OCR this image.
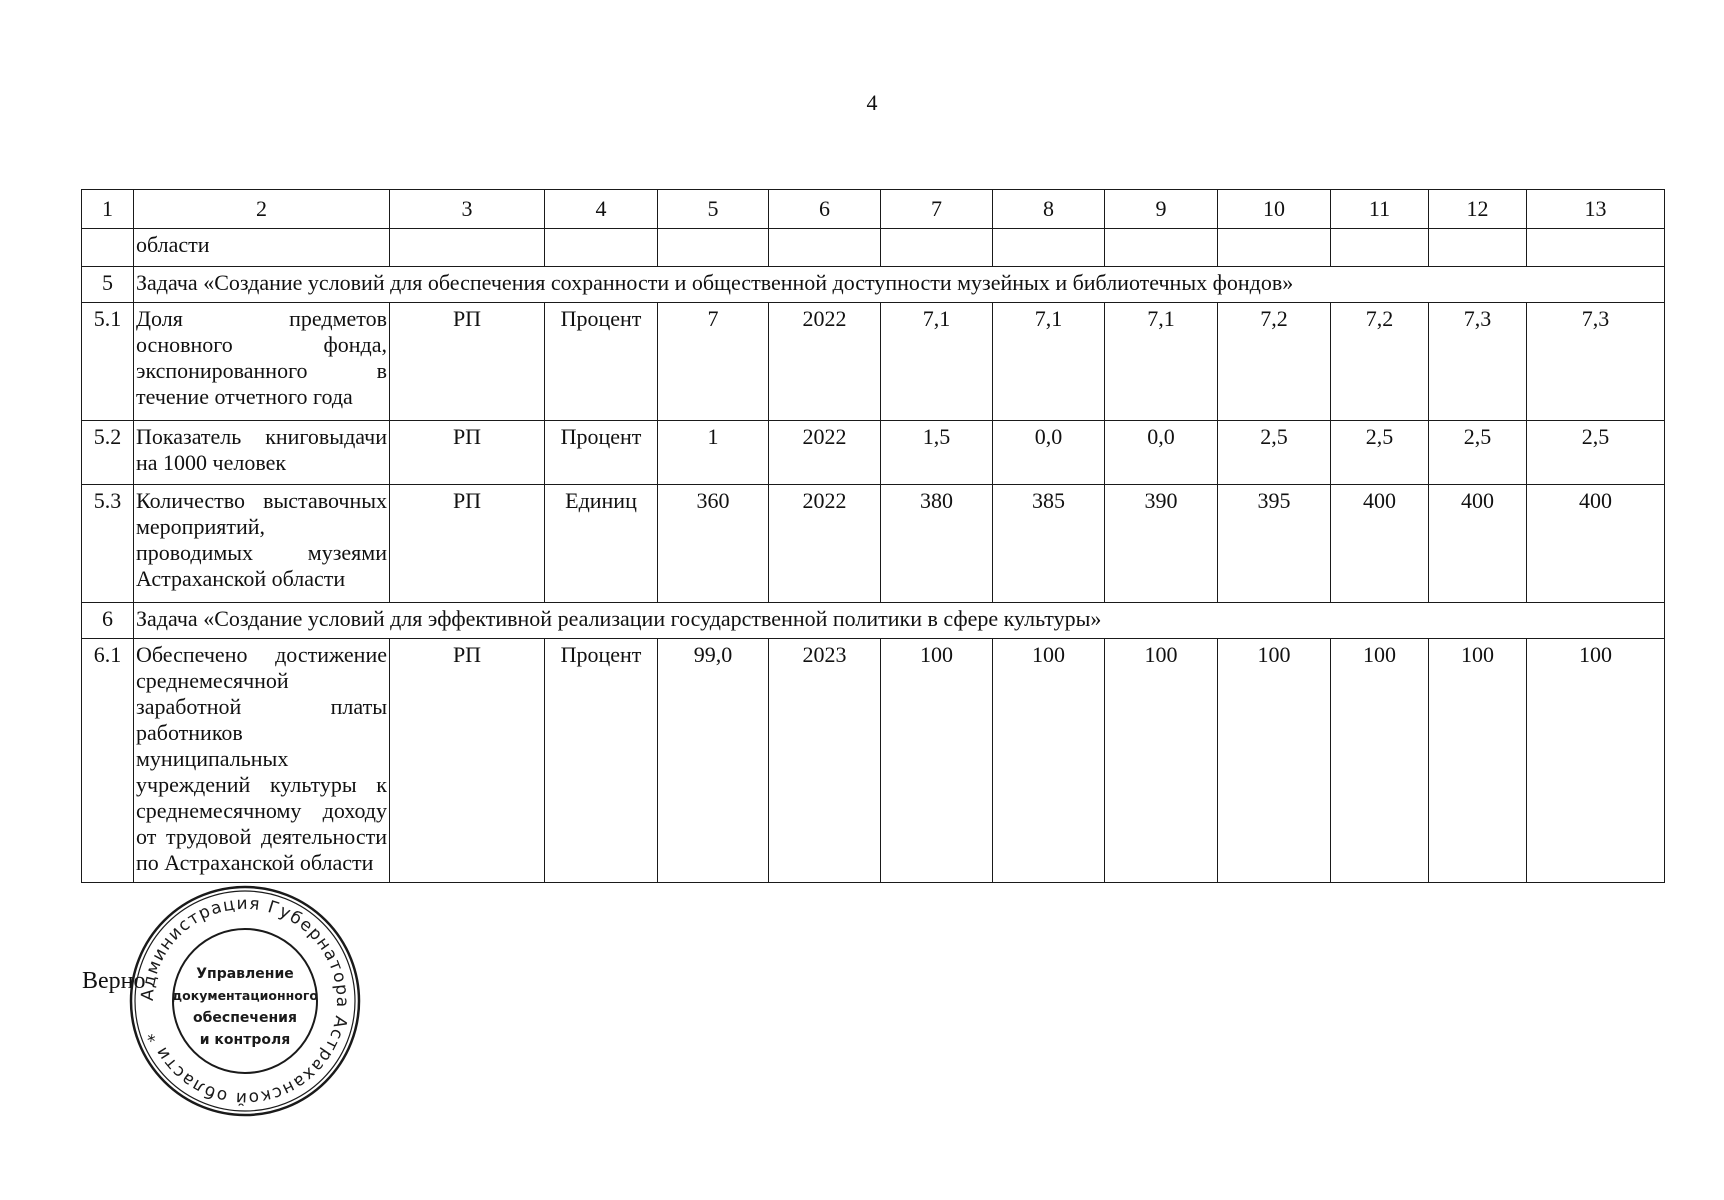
4
1	2	3	4	5	6	7	8	9	10	11	12	13
	области											
5	Задача «Создание условий для обеспечения сохранности и общественной доступности музейных и библиотечных фондов»											
5.1	Доля предметов основного фонда, экспонированного в течение отчетного года	РП	Процент	7	2022	7,1	7,1	7,1	7,2	7,2	7,3	7,3
5.2	Показатель книговыдачи на 1000 человек	РП	Процент	1	2022	1,5	0,0	0,0	2,5	2,5	2,5	2,5
5.3	Количество выставочных мероприятий, проводимых музеями Астраханской области	РП	Единиц	360	2022	380	385	390	395	400	400	400
6	Задача «Создание условий для эффективной реализации государственной политики в сфере культуры»											
6.1	Обеспечено достижение среднемесячной заработной платы работников муниципальных учреждений культуры к среднемесячному доходу от трудовой деятельности по Астраханской области	РП	Процент	99,0	2023	100	100	100	100	100	100	100
Верно
Администрация Губернатора Астраханской области *
Управление
документационного
обеспечения
и контроля
